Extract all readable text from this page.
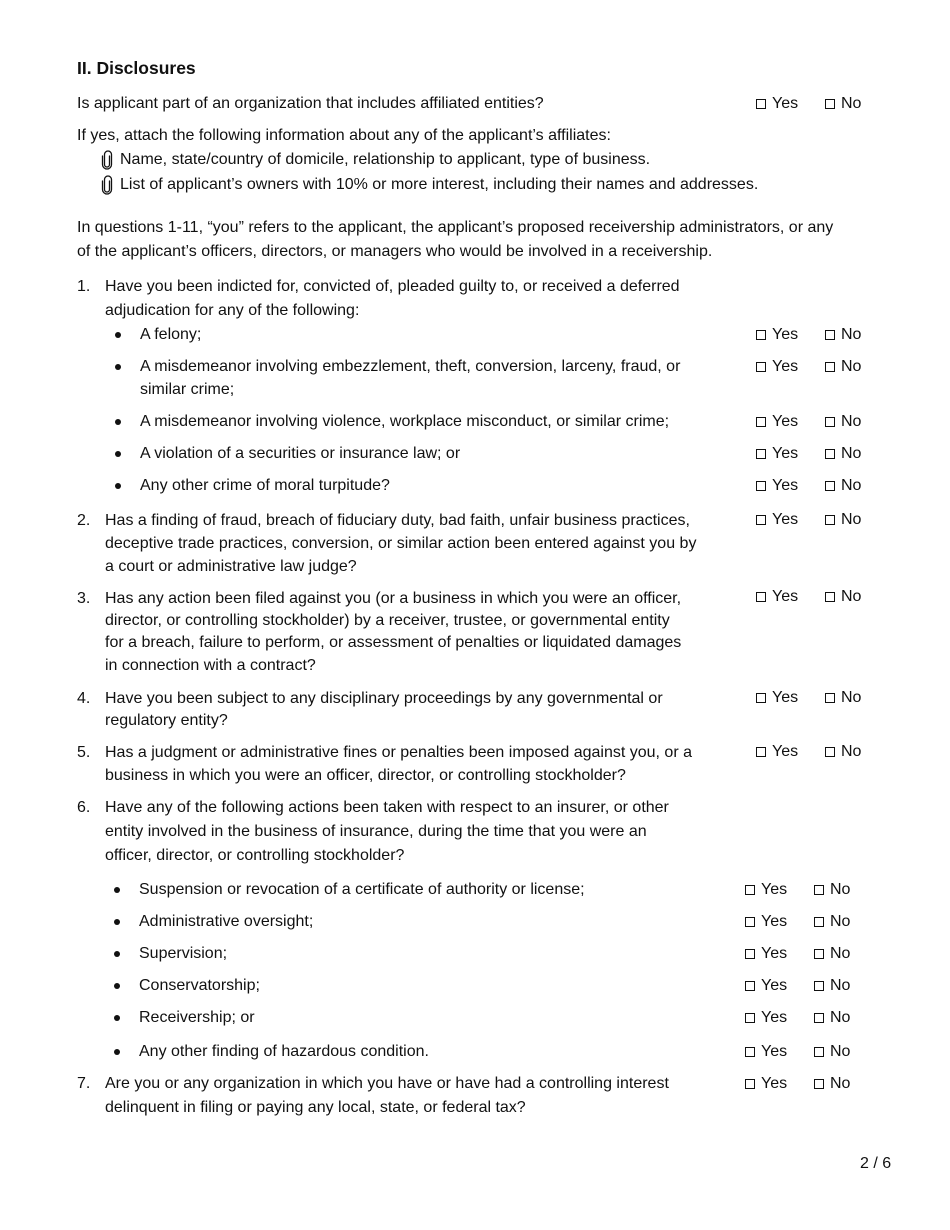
II. Disclosures
Is applicant part of an organization that includes affiliated entities?	Yes	No
If yes, attach the following information about any of the applicant’s affiliates:
Name, state/country of domicile, relationship to applicant, type of business.
List of applicant’s owners with 10% or more interest, including their names and addresses.
In questions 1-11, “you” refers to the applicant, the applicant’s proposed receivership administrators, or any
of the applicant’s officers, directors, or managers who would be involved in a receivership.
1. Have you been indicted for, convicted of, pleaded guilty to, or received a deferred
adjudication for any of the following:
A felony;	Yes	No
A misdemeanor involving embezzlement, theft, conversion, larceny, fraud, or
similar crime;
Yes	No
A misdemeanor involving violence, workplace misconduct, or similar crime;	Yes	No
A violation of a securities or insurance law; or	Yes	No
Any other crime of moral turpitude?	Yes	No
2. Has a finding of fraud, breach of fiduciary duty, bad faith, unfair business practices,
deceptive trade practices, conversion, or similar action been entered against you by
a court or administrative law judge?
Yes	No
3. Has any action been filed against you (or a business in which you were an officer,
director, or controlling stockholder) by a receiver, trustee, or governmental entity
for a breach, failure to perform, or assessment of penalties or liquidated damages
in connection with a contract?
Yes	No
4. Have you been subject to any disciplinary proceedings by any governmental or
regulatory entity?
Yes	No
5. Has a judgment or administrative fines or penalties been imposed against you, or a
business in which you were an officer, director, or controlling stockholder?
Yes	No
6. Have any of the following actions been taken with respect to an insurer, or other
entity involved in the business of insurance, during the time that you were an
officer, director, or controlling stockholder?
Suspension or revocation of a certificate of authority or license;	Yes	No
Administrative oversight;	Yes	No
Supervision;	Yes	No
Conservatorship;	Yes	No
Receivership; or	Yes	No
Any other finding of hazardous condition.	Yes	No
7. Are you or any organization in which you have or have had a controlling interest
delinquent in filing or paying any local, state, or federal tax?
Yes	No
2 / 6
